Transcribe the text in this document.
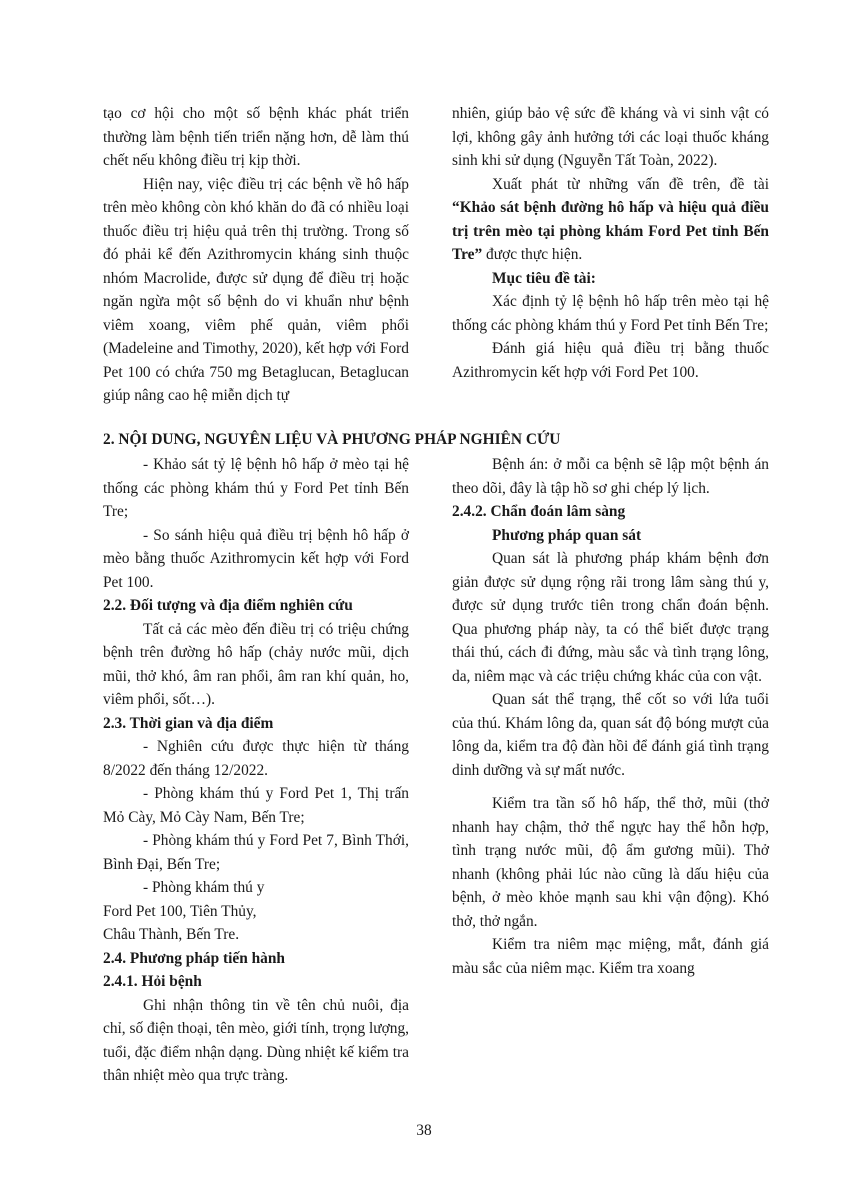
tạo cơ hội cho một số bệnh khác phát triển thường làm bệnh tiến triển nặng hơn, dễ làm thú chết nếu không điều trị kịp thời.

Hiện nay, việc điều trị các bệnh về hô hấp trên mèo không còn khó khăn do đã có nhiều loại thuốc điều trị hiệu quả trên thị trường. Trong số đó phải kể đến Azithromycin kháng sinh thuộc nhóm Macrolide, được sử dụng để điều trị hoặc ngăn ngừa một số bệnh do vi khuẩn như bệnh viêm xoang, viêm phế quản, viêm phổi (Madeleine and Timothy, 2020), kết hợp với Ford Pet 100 có chứa 750 mg Betaglucan, Betaglucan giúp nâng cao hệ miễn dịch tự

nhiên, giúp bảo vệ sức đề kháng và vi sinh vật có lợi, không gây ảnh hưởng tới các loại thuốc kháng sinh khi sử dụng (Nguyễn Tất Toàn, 2022).

Xuất phát từ những vấn đề trên, đề tài “Khảo sát bệnh đường hô hấp và hiệu quả điều trị trên mèo tại phòng khám Ford Pet tỉnh Bến Tre” được thực hiện.

Mục tiêu đề tài:

Xác định tỷ lệ bệnh hô hấp trên mèo tại hệ thống các phòng khám thú y Ford Pet tỉnh Bến Tre;

Đánh giá hiệu quả điều trị bằng thuốc Azithromycin kết hợp với Ford Pet 100.

2. NỘI DUNG, NGUYÊN LIỆU VÀ PHƯƠNG PHÁP NGHIÊN CỨU

- Khảo sát tỷ lệ bệnh hô hấp ở mèo tại hệ thống các phòng khám thú y Ford Pet tỉnh Bến Tre;

- So sánh hiệu quả điều trị bệnh hô hấp ở mèo bằng thuốc Azithromycin kết hợp với Ford Pet 100.

2.2. Đối tượng và địa điểm nghiên cứu

Tất cả các mèo đến điều trị có triệu chứng bệnh trên đường hô hấp (chảy nước mũi, dịch mũi, thở khó, âm ran phổi, âm ran khí quản, ho, viêm phổi, sốt…).

2.3. Thời gian và địa điểm

- Nghiên cứu được thực hiện từ tháng 8/2022 đến tháng 12/2022.

- Phòng khám thú y Ford Pet 1, Thị trấn Mỏ Cày, Mỏ Cày Nam, Bến Tre;

- Phòng khám thú y Ford Pet 7, Bình Thới, Bình Đại, Bến Tre;

- Phòng khám thú y

Ford Pet 100, Tiên Thủy,

Châu Thành, Bến Tre.

2.4. Phương pháp tiến hành

2.4.1. Hỏi bệnh

Ghi nhận thông tin về tên chủ nuôi, địa chỉ, số điện thoại, tên mèo, giới tính, trọng lượng, tuổi, đặc điểm nhận dạng. Dùng nhiệt kế kiểm tra thân nhiệt mèo qua trực tràng.

Bệnh án: ở mỗi ca bệnh sẽ lập một bệnh án theo dõi, đây là tập hồ sơ ghi chép lý lịch.

2.4.2. Chẩn đoán lâm sàng

Phương pháp quan sát

Quan sát là phương pháp khám bệnh đơn giản được sử dụng rộng rãi trong lâm sàng thú y, được sử dụng trước tiên trong chẩn đoán bệnh. Qua phương pháp này, ta có thể biết được trạng thái thú, cách đi đứng, màu sắc và tình trạng lông, da, niêm mạc và các triệu chứng khác của con vật.

Quan sát thể trạng, thể cốt so với lứa tuổi của thú. Khám lông da, quan sát độ bóng mượt của lông da, kiểm tra độ đàn hồi để đánh giá tình trạng dinh dưỡng và sự mất nước.

Kiểm tra tần số hô hấp, thể thở, mũi (thở nhanh hay chậm, thở thể ngực hay thể hỗn hợp, tình trạng nước mũi, độ ẩm gương mũi). Thở nhanh (không phải lúc nào cũng là dấu hiệu của bệnh, ở mèo khỏe mạnh sau khi vận động). Khó thở, thở ngắn.

Kiểm tra niêm mạc miệng, mắt, đánh giá màu sắc của niêm mạc. Kiểm tra xoang

38
